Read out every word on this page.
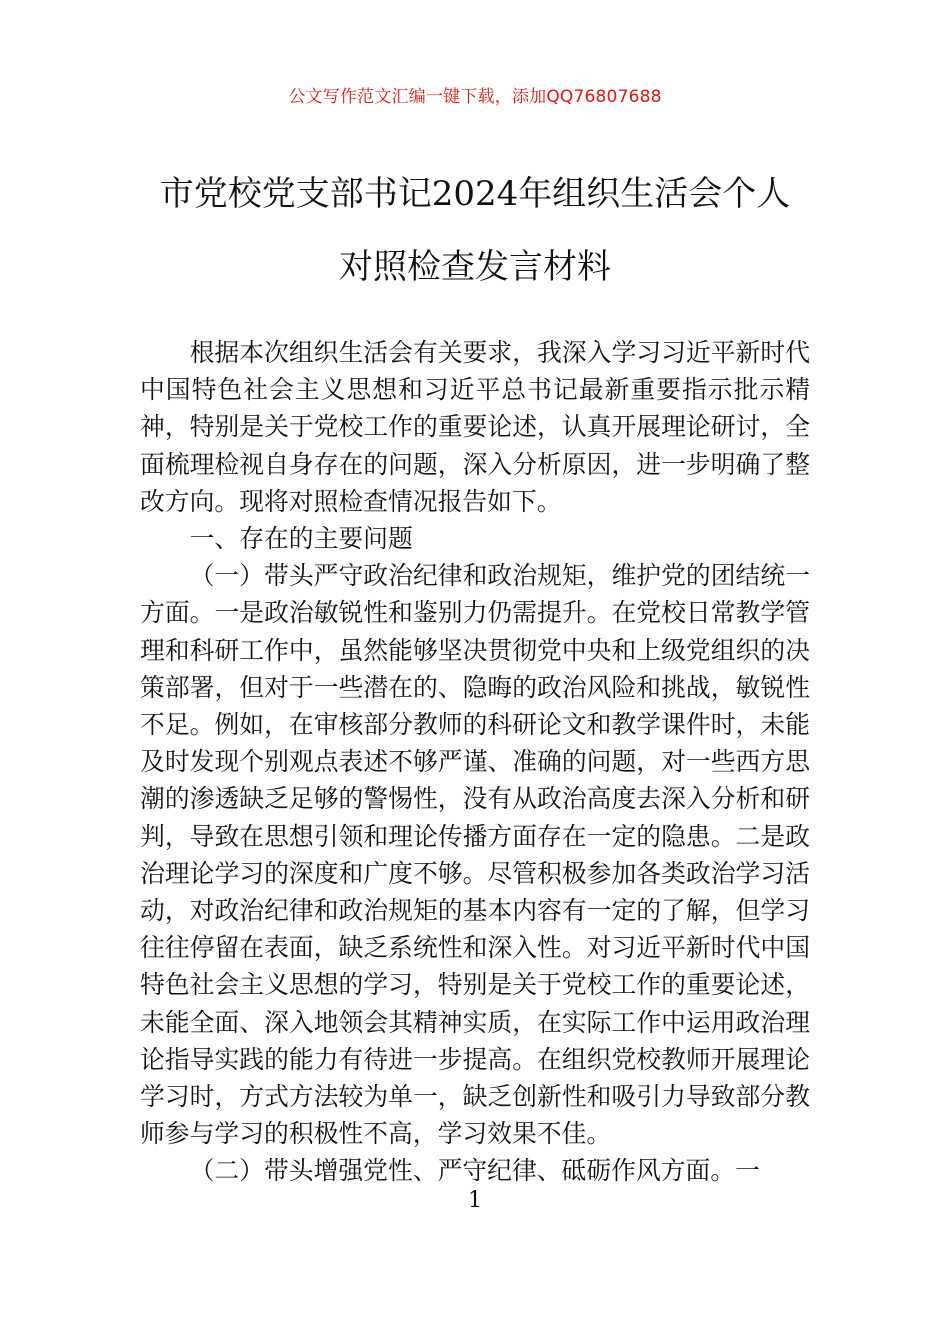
公文写作范文汇编一键下载，添加QQ76807688
市党校党支部书记2024年组织生活会个人
对照检查发言材料

根据本次组织生活会有关要求，我深入学习习近平新时代中国特色社会主义思想和习近平总书记最新重要指示批示精神，特别是关于党校工作的重要论述，认真开展理论研讨，全面梳理检视自身存在的问题，深入分析原因，进一步明确了整改方向。现将对照检查情况报告如下。

一、存在的主要问题

（一）带头严守政治纪律和政治规矩，维护党的团结统一方面。一是政治敏锐性和鉴别力仍需提升。在党校日常教学管理和科研工作中，虽然能够坚决贯彻党中央和上级党组织的决策部署，但对于一些潜在的、隐晦的政治风险和挑战，敏锐性不足。例如，在审核部分教师的科研论文和教学课件时，未能及时发现个别观点表述不够严谨、准确的问题，对一些西方思潮的渗透缺乏足够的警惕性，没有从政治高度去深入分析和研判，导致在思想引领和理论传播方面存在一定的隐患。二是政治理论学习的深度和广度不够。尽管积极参加各类政治学习活动，对政治纪律和政治规矩的基本内容有一定的了解，但学习往往停留在表面，缺乏系统性和深入性。对习近平新时代中国特色社会主义思想的学习，特别是关于党校工作的重要论述，未能全面、深入地领会其精神实质，在实际工作中运用政治理论指导实践的能力有待进一步提高。在组织党校教师开展理论学习时，方式方法较为单一，缺乏创新性和吸引力导致部分教师参与学习的积极性不高，学习效果不佳。

（二）带头增强党性、严守纪律、砥砺作风方面。一

1
